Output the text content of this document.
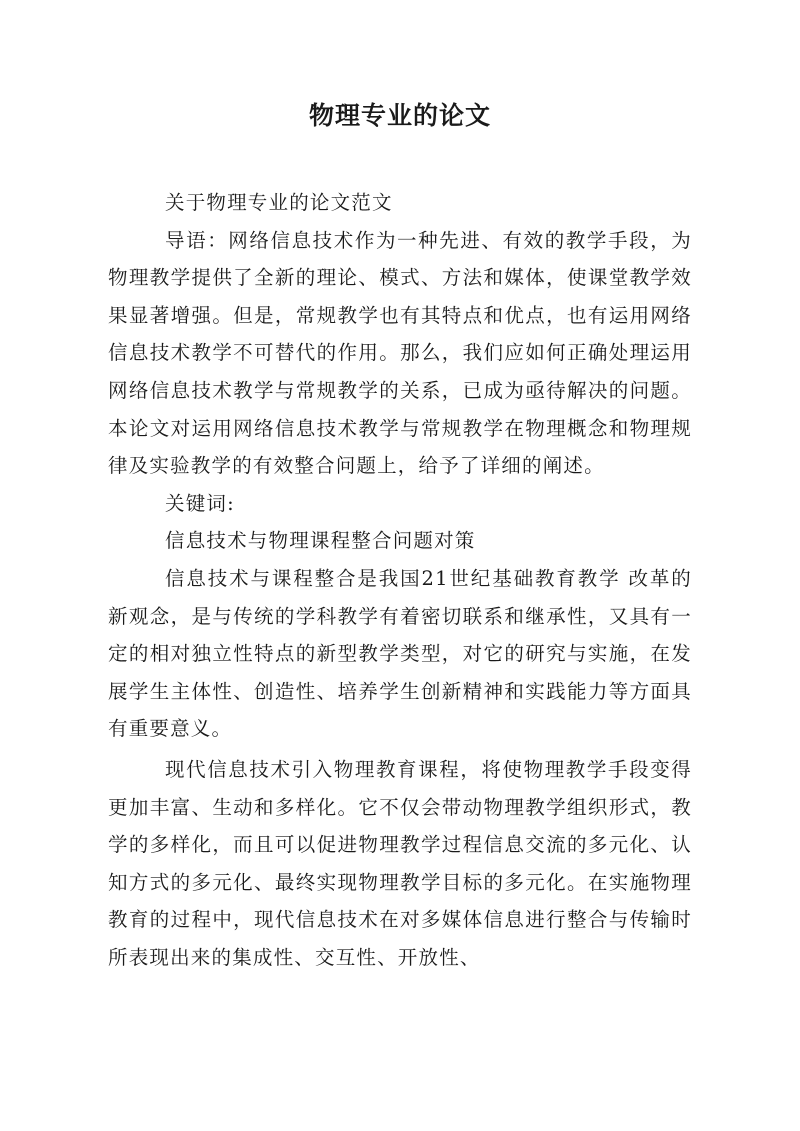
物理专业的论文

关于物理专业的论文范文

导语：网络信息技术作为一种先进、有效的教学手段，为物理教学提供了全新的理论、模式、方法和媒体，使课堂教学效果显著增强。但是，常规教学也有其特点和优点，也有运用网络信息技术教学不可替代的作用。那么，我们应如何正确处理运用网络信息技术教学与常规教学的关系，已成为亟待解决的问题。本论文对运用网络信息技术教学与常规教学在物理概念和物理规律及实验教学的有效整合问题上，给予了详细的阐述。

关键词:

信息技术与物理课程整合问题对策

信息技术与课程整合是我国21世纪基础教育教学 改革的新观念，是与传统的学科教学有着密切联系和继承性，又具有一定的相对独立性特点的新型教学类型，对它的研究与实施，在发展学生主体性、创造性、培养学生创新精神和实践能力等方面具有重要意义。

现代信息技术引入物理教育课程，将使物理教学手段变得更加丰富、生动和多样化。它不仅会带动物理教学组织形式，教学的多样化，而且可以促进物理教学过程信息交流的多元化、认知方式的多元化、最终实现物理教学目标的多元化。在实施物理教育的过程中，现代信息技术在对多媒体信息进行整合与传输时所表现出来的集成性、交互性、开放性、
